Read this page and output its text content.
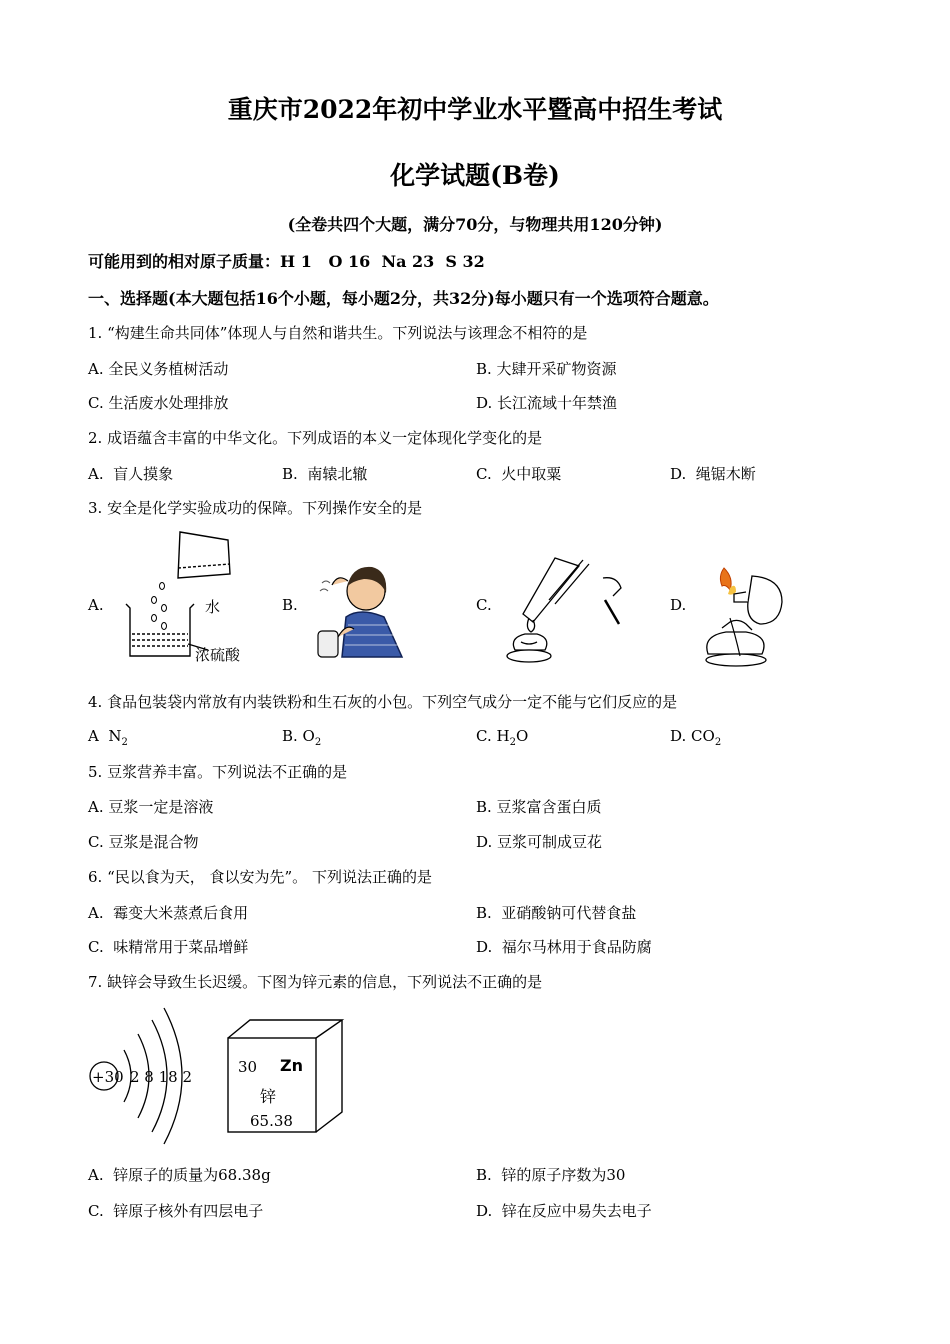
重庆市2022年初中学业水平暨高中招生考试
化学试题(B卷)
(全卷共四个大题，满分70分，与物理共用120分钟)
可能用到的相对原子质量：H 1   O 16  Na 23  S 32
一、选择题(本大题包括16个小题，每小题2分，共32分)每小题只有一个选项符合题意。
1. “构建生命共同体”体现人与自然和谐共生。下列说法与该理念不相符的是
A. 全民义务植树活动	B. 大肆开采矿物资源
C. 生活废水处理排放	D. 长江流域十年禁渔
2. 成语蕴含丰富的中华文化。下列成语的本义一定体现化学变化的是
A.  盲人摸象	B.  南辕北辙	C.  火中取粟	D.  绳锯木断
3. 安全是化学实验成功的保障。下列操作安全的是
A.	B.	C.	D.
水
浓硫酸
4. 食品包装袋内常放有内装铁粉和生石灰的小包。下列空气成分一定不能与它们反应的是
A  $N_2$	B. $O_2$	C. $H_2O$	D. $CO_2$
5. 豆浆营养丰富。下列说法不正确的是
A. 豆浆一定是溶液	B. 豆浆富含蛋白质
C. 豆浆是混合物	D. 豆浆可制成豆花
6. “民以食为天， 食以安为先”。 下列说法正确的是
A.  霉变大米蒸煮后食用	B.  亚硝酸钠可代替食盐
C.  味精常用于菜品增鲜	D.  福尔马林用于食品防腐
7. 缺锌会导致生长迟缓。下图为锌元素的信息，下列说法不正确的是
+30 2 8 18 2
30 Zn
锌
65.38
A.  锌原子的质量为68.38g	B.  锌的原子序数为30
C.  锌原子核外有四层电子	D.  锌在反应中易失去电子
